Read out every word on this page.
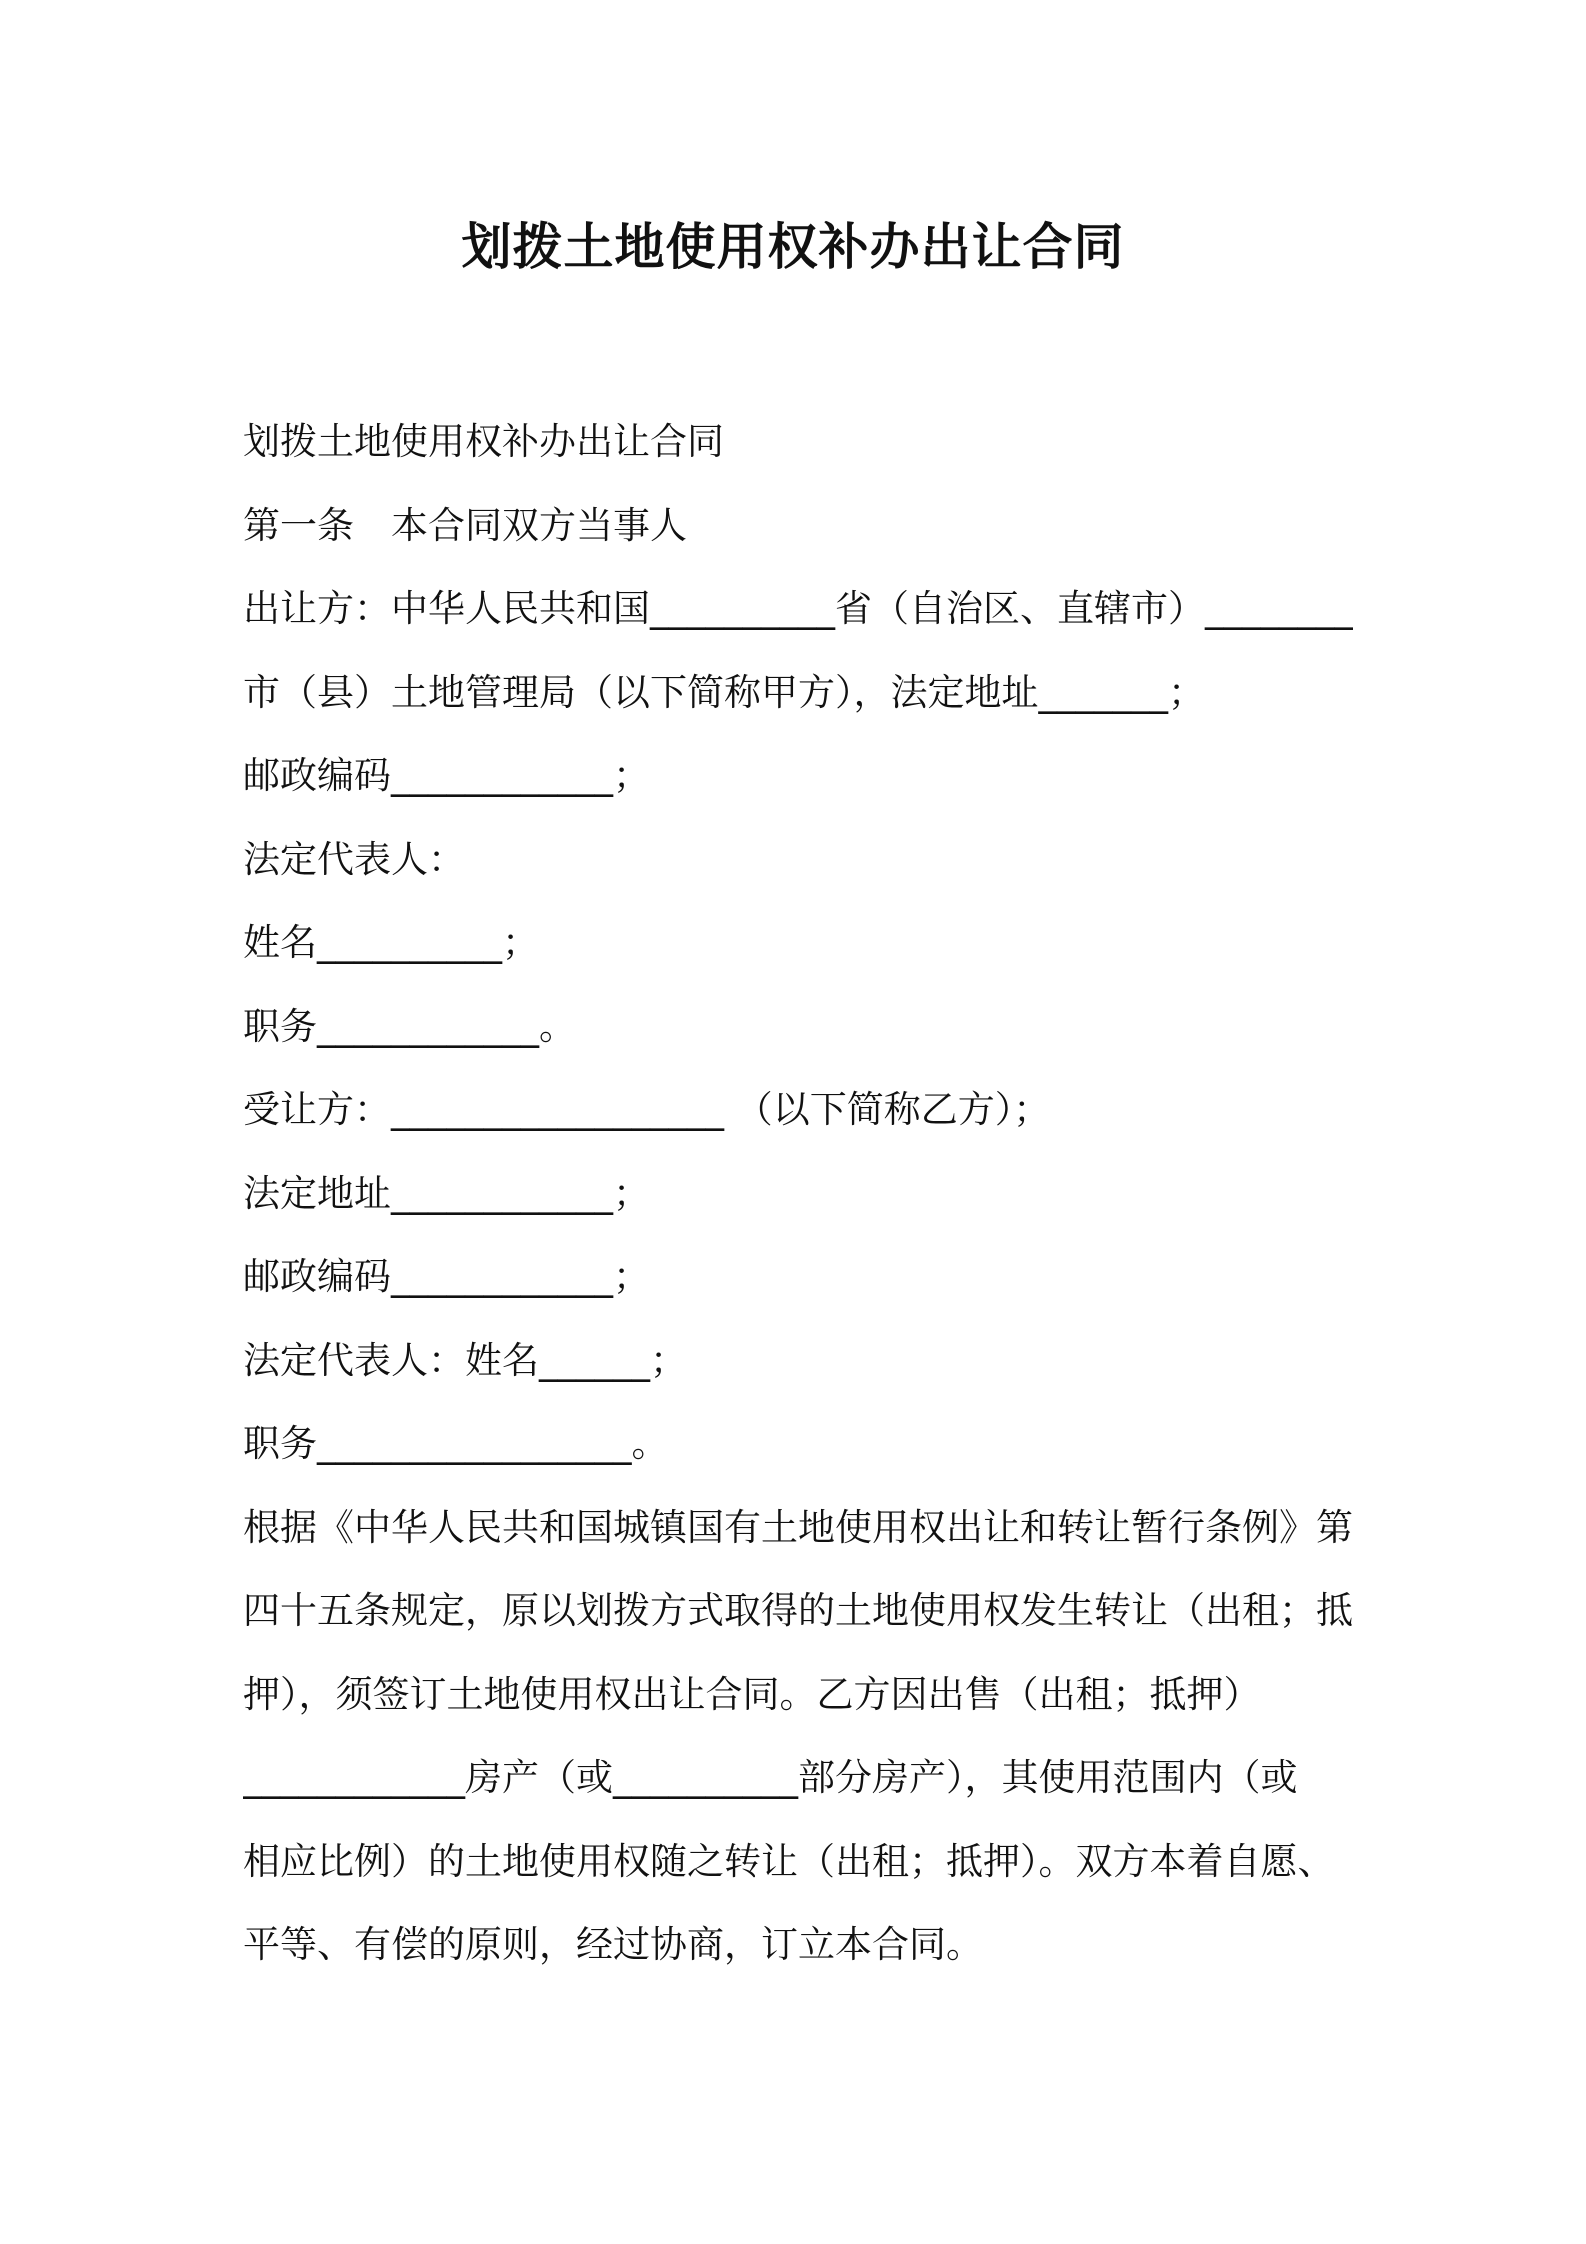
划拨土地使用权补办出让合同
划拨土地使用权补办出让合同
第一条　本合同双方当事人
出让方：中华人民共和国__________省（自治区、直辖市）________
市（县）土地管理局（以下简称甲方），法定地址_______；
邮政编码____________；
法定代表人：
姓名__________；
职务____________。
受让方：__________________ （以下简称乙方）；
法定地址____________；
邮政编码____________；
法定代表人：姓名______；
职务_________________。
根据《中华人民共和国城镇国有土地使用权出让和转让暂行条例》第
四十五条规定，原以划拨方式取得的土地使用权发生转让（出租；抵
押），须签订土地使用权出让合同。乙方因出售（出租；抵押）
____________房产（或__________部分房产），其使用范围内（或
相应比例）的土地使用权随之转让（出租；抵押）。双方本着自愿、
平等、有偿的原则，经过协商，订立本合同。
